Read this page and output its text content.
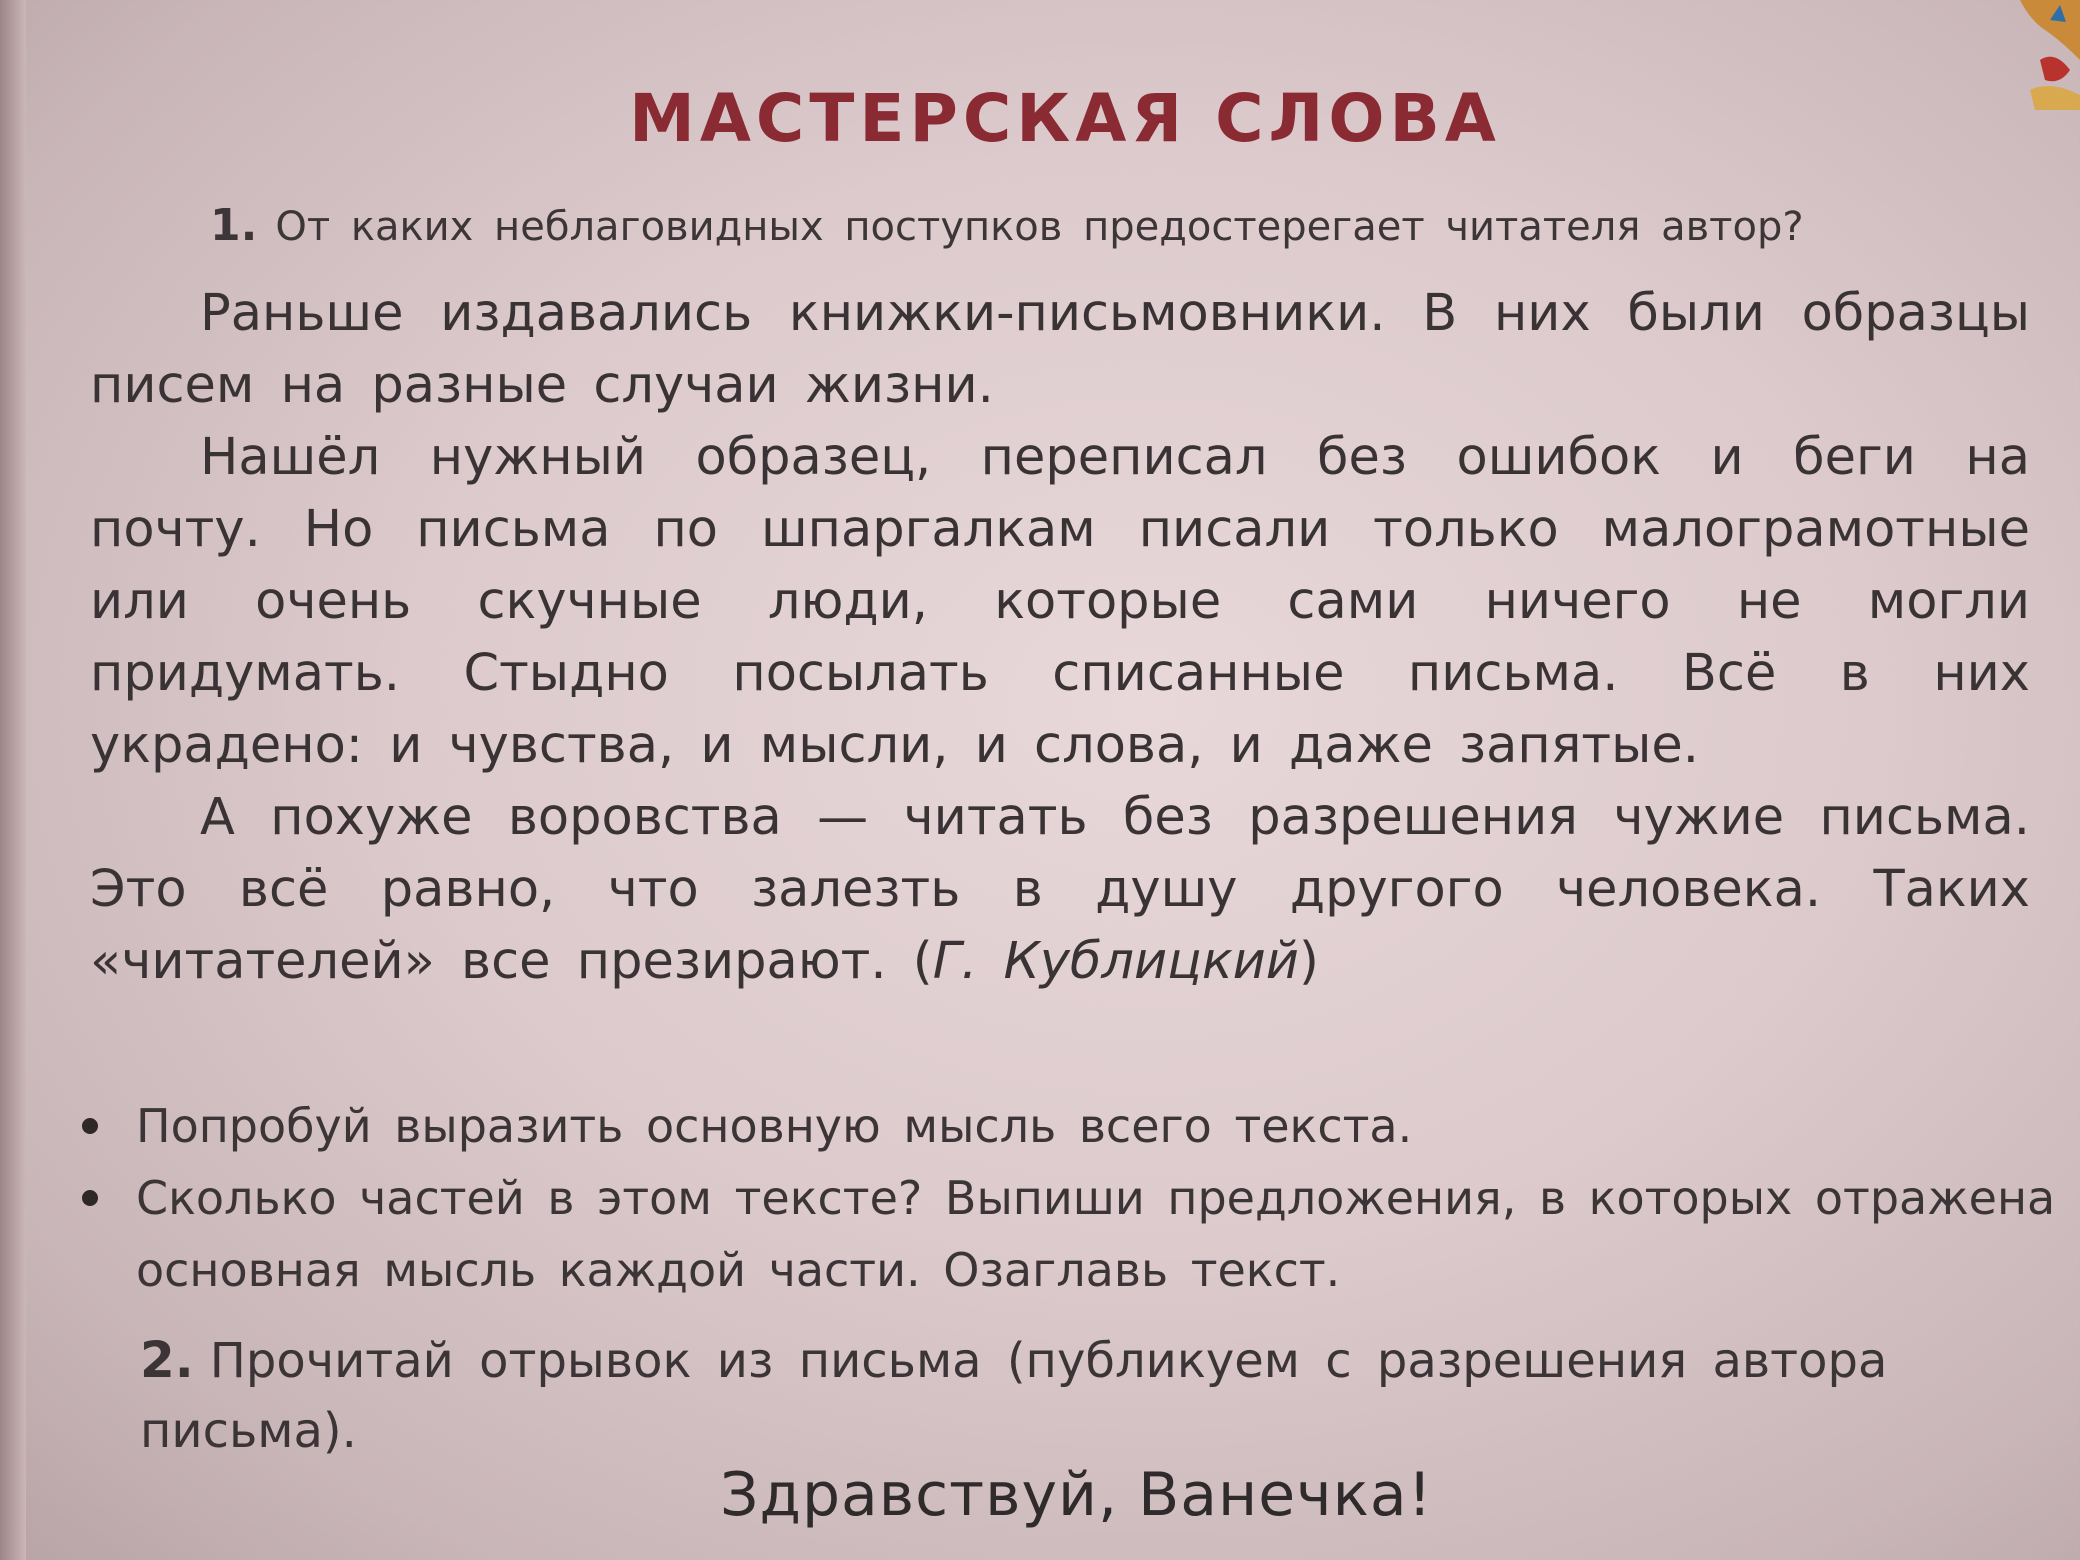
МАСТЕРСКАЯ СЛОВА
1. От каких неблаговидных поступков предостерегает читателя автор?

Раньше издавались книжки-письмовники. В них были образцы писем на разные случаи жизни.

Нашёл нужный образец, переписал без ошибок и беги на почту. Но письма по шпаргалкам писали только малограмотные или очень скучные люди, которые сами ничего не могли придумать. Стыдно посылать списанные письма. Всё в них украдено: и чувства, и мысли, и слова, и даже запятые.

А похуже воровства — читать без разрешения чужие письма. Это всё равно, что залезть в душу другого человека. Таких «читателей» все презирают. (Г. Кублицкий)

Попробуй выразить основную мысль всего текста.
Сколько частей в этом тексте? Выпиши предложения, в которых отражена основная мысль каждой части. Озаглавь текст.
2. Прочитай отрывок из письма (публикуем с разрешения автора письма).
Здравствуй, Ванечка!
